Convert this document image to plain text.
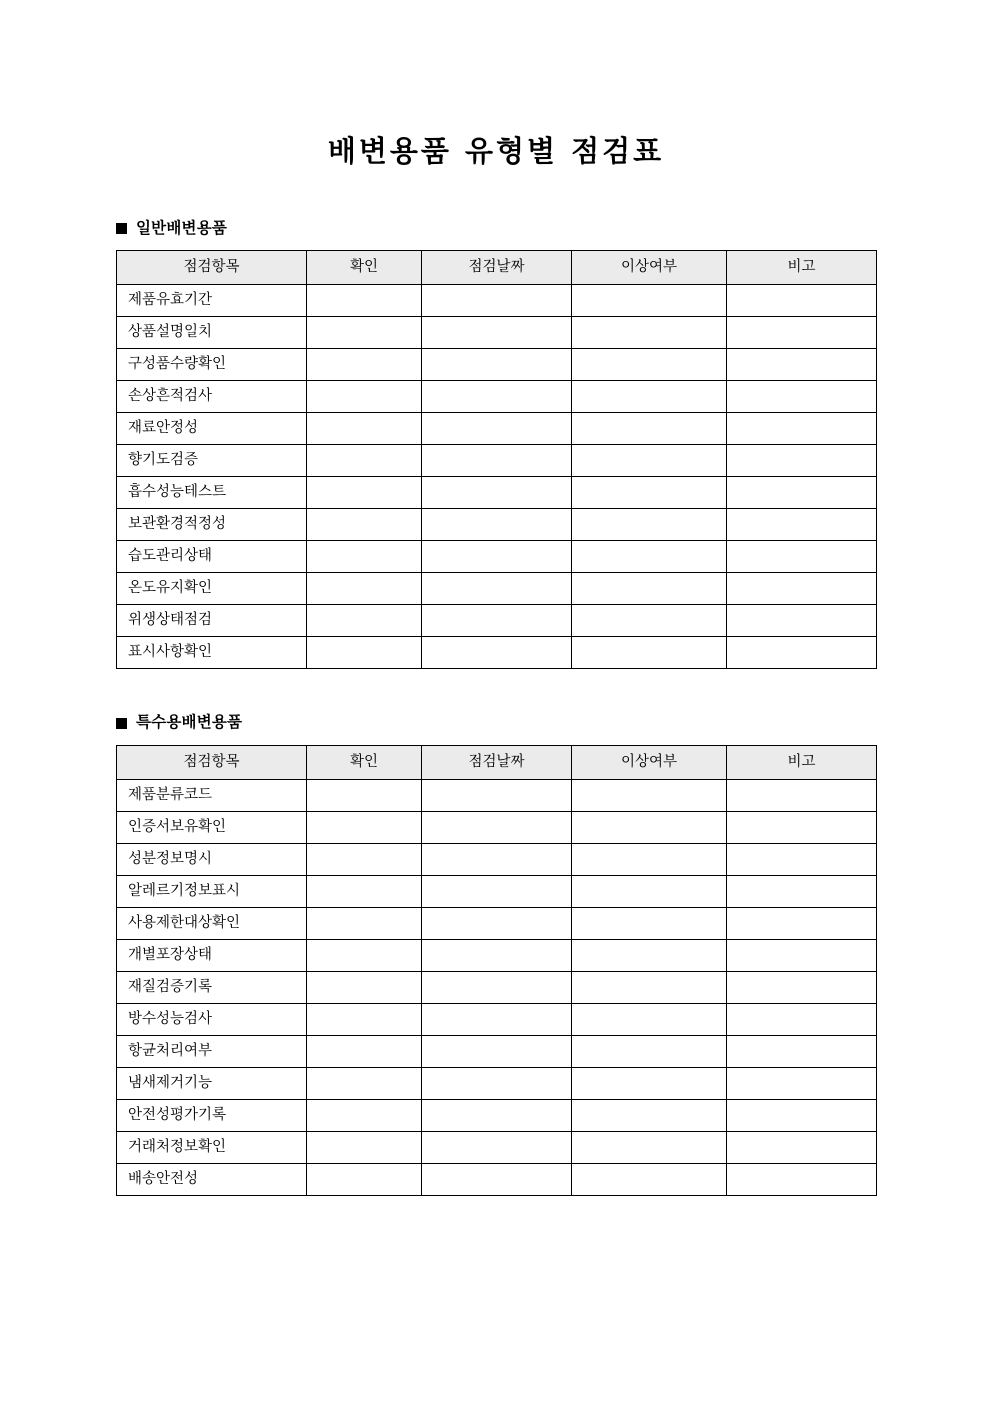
배변용품 유형별 점검표
일반배변용품
점검항목	확인	점검날짜	이상여부	비고
제품유효기간				
상품설명일치				
구성품수량확인				
손상흔적검사				
재료안정성				
향기도검증				
흡수성능테스트				
보관환경적정성				
습도관리상태				
온도유지확인				
위생상태점검				
표시사항확인				
특수용배변용품
점검항목	확인	점검날짜	이상여부	비고
제품분류코드				
인증서보유확인				
성분정보명시				
알레르기정보표시				
사용제한대상확인				
개별포장상태				
재질검증기록				
방수성능검사				
항균처리여부				
냄새제거기능				
안전성평가기록				
거래처정보확인				
배송안전성				
